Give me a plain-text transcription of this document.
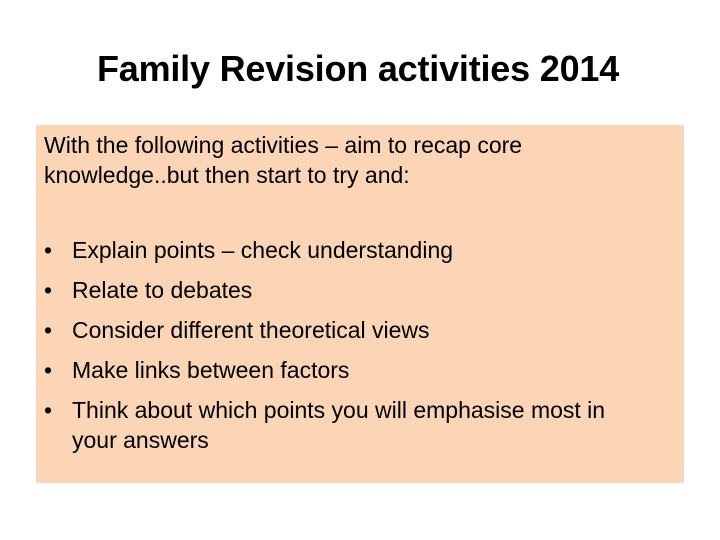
Family Revision activities 2014

With the following activities – aim to recap core knowledge..but then start to try and:

• Explain points – check understanding
• Relate to debates
• Consider different theoretical views
• Make links between factors
• Think about which points you will emphasise most in your answers
